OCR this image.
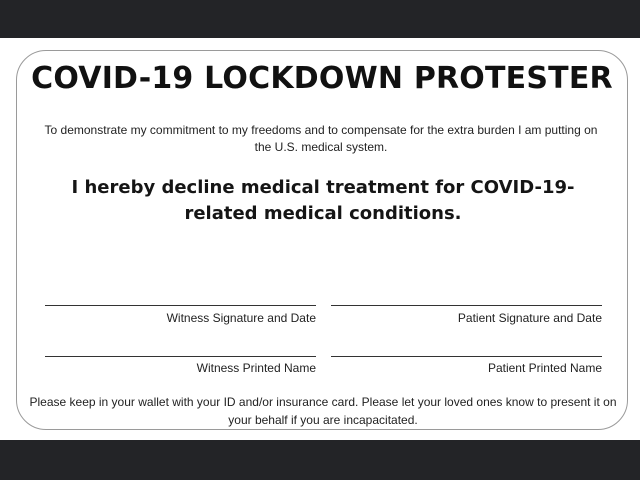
COVID-19 LOCKDOWN PROTESTER
To demonstrate my commitment to my freedoms and to compensate for the extra burden I am putting on the U.S. medical system.
I hereby decline medical treatment for COVID-19-related medical conditions.
Witness Signature and Date	Patient Signature and Date
Witness Printed Name	Patient Printed Name
Please keep in your wallet with your ID and/or insurance card. Please let your loved ones know to present it on your behalf if you are incapacitated.
